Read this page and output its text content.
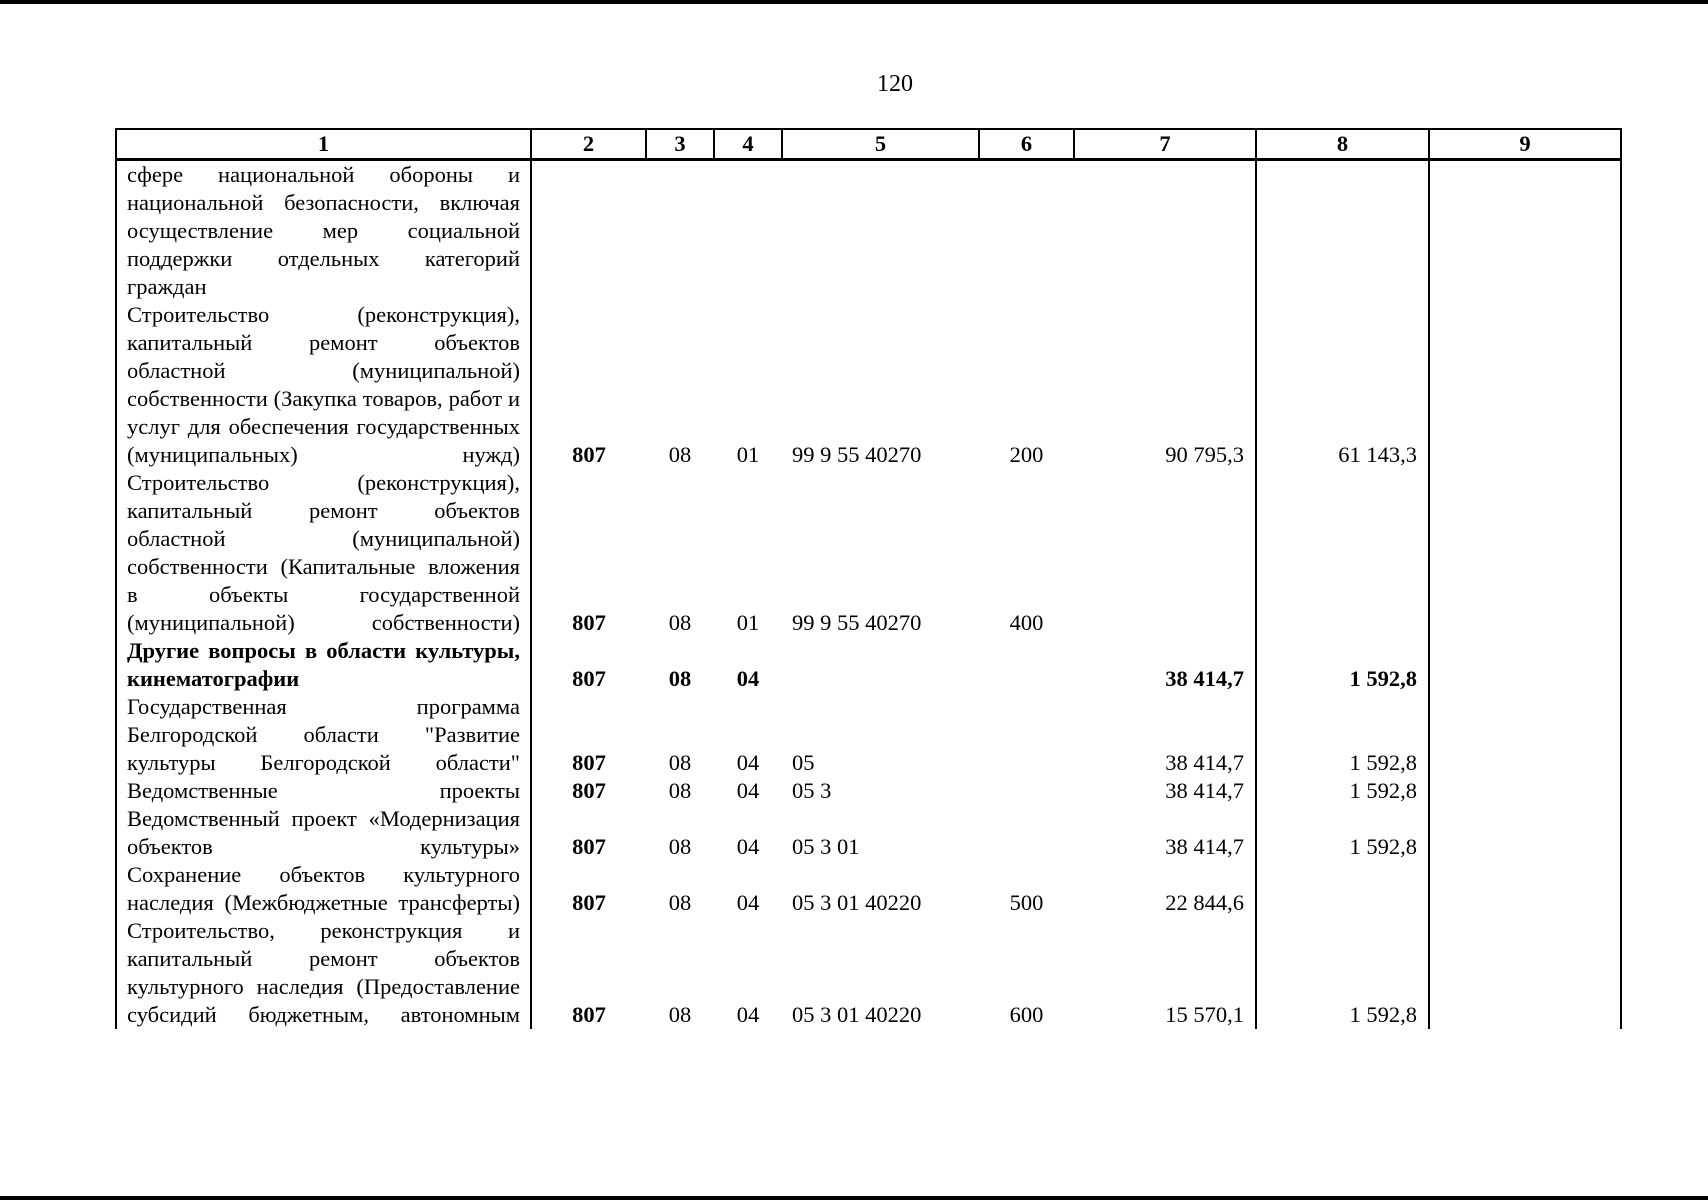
120
1	2	3	4	5	6	7	8	9
сфере национальной обороны и национальной безопасности, включая осуществление мер социальной поддержки отдельных категорий граждан								
Строительство (реконструкция), капитальный ремонт объектов областной (муниципальной) собственности (Закупка товаров, работ и услуг для обеспечения государственных (муниципальных) нужд)	807	08	01	99 9 55 40270	200	90 795,3	61 143,3	
Строительство (реконструкция), капитальный ремонт объектов областной (муниципальной) собственности (Капитальные вложения в объекты государственной (муниципальной) собственности)	807	08	01	99 9 55 40270	400			
Другие вопросы в области культуры, кинематографии	807	08	04			38 414,7	1 592,8	
Государственная программа Белгородской области "Развитие культуры Белгородской области"	807	08	04	05		38 414,7	1 592,8	
Ведомственные проекты	807	08	04	05 3		38 414,7	1 592,8	
Ведомственный проект «Модернизация объектов культуры»	807	08	04	05 3 01		38 414,7	1 592,8	
Сохранение объектов культурного наследия (Межбюджетные трансферты)	807	08	04	05 3 01 40220	500	22 844,6		
Строительство, реконструкция и капитальный ремонт объектов культурного наследия (Предоставление субсидий бюджетным, автономным	807	08	04	05 3 01 40220	600	15 570,1	1 592,8	
